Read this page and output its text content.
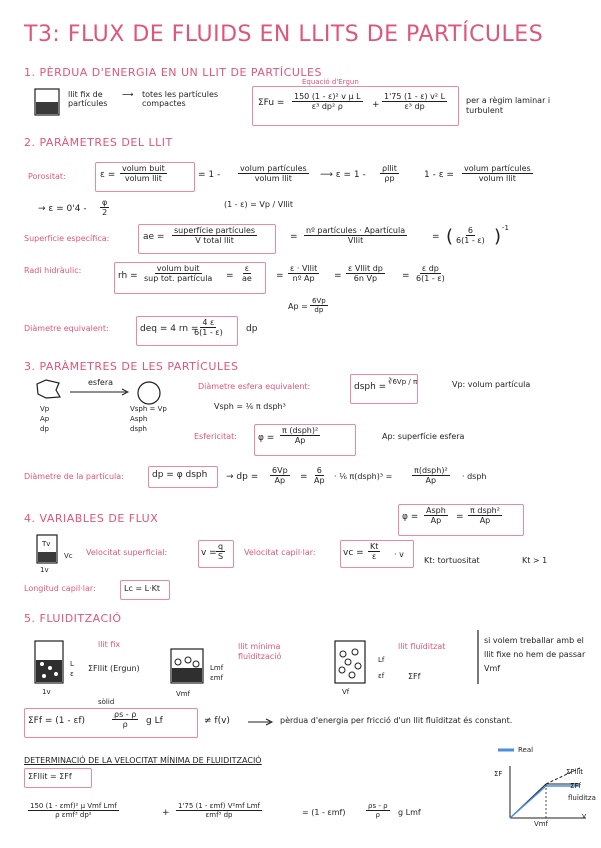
T3: FLUX DE FLUIDS EN LLITS DE PARTÍCULES
1. PÈRDUA D'ENERGIA EN UN LLIT DE PARTÍCULES
Equació d'Ergun
llit fix de partícules
⟶ totes les partícules compactes	$\Sigma Fu = \frac{\text{150 (1 - ε)² v μ L}}{\text{ε³ dp² ρ}} + \frac{\text{1'75 (1 - ε) v² L}}{\text{ε³ dp}}$ per a règim laminar i turbulent
2. PARÀMETRES DEL LLIT
Porositat:	ε =
volum buit
volum llit	= 1 -
volum partícules
volum llit	⟶ ε = 1 -
ρllit
ρp	1 - ε =
volum partícules
volum llit
→ $\varepsilon = 0'4 - \frac{\varphi}{2}$	(1 - ε) = Vp / Vllit
Superfície específica:	ae =
superfície partícules
V total llit	=
nº partícules · Apartícula
Vllit	= ( $\frac{6}{6(1 - \varepsilon)}$ ) -1
Radi hidràulic:
rh =
volum buit
sup tot. partícula = $\frac{\varepsilon}{ae}$ =
ε · Vllit
nº Ap =
ε Vllit dp
6n Vp	= $\frac{\text{ε dp}}{6(1 - \varepsilon)}$
$Ap = \frac{6Vp}{dp}$
Diàmetre equivalent:	deq = 4 rn =
$\frac{4 \varepsilon}{6(1 - \varepsilon)}$ dp
3. PARÀMETRES DE LES PARTÍCULES
esfera
Vp
Ap
dp
Vsph = Vp
Asph
dsph
Diàmetre esfera equivalent:	dsph = ∛6Vp / π	Vp: volum partícula
Vsph = ⅙ π dsph³
Esfericitat: φ =
π (dsph)²
Ap	Ap: superfície esfera
Diàmetre de la partícula:	dp = φ dsph → dp = $\frac{6Vp}{Ap} = \frac{6}{Ap}$ · ⅙ π(dsph)³ =
π(dsph)²
Ap	· dsph
φ =
Asph
Ap =
π dsph²
Ap
4. VARIABLES DE FLUX
Tv
Vc
1v
Velocitat superficial:	$v = \frac{q}{S}$ Velocitat capil·lar:	vc = $\frac{Kt}{\varepsilon} \cdot v$
Kt: tortuositat	Kt > 1
Longitud capil·lar:	Lc = L·Kt
5. FLUIDITZACIÓ
llit fix
L
ε
1v
ΣFllit (Ergun)
llit mínima fluïdització
Lmf
εmf
Vmf
llit fluïditzat
Lf
εf
Vf
ΣFf
si volem treballar amb el llit fixe no hem de passar Vmf
sòlid
ΣFf = (1 - εf)	$\frac{\rho s - \rho}{\rho}$ g Lf	≠ f(v)	pèrdua d'energia per fricció d'un llit fluïditzat és constant.
DETERMINACIÓ DE LA VELOCITAT MÍNIMA DE FLUIDITZACIÓ
ΣFllit = ΣFf
150 (1 - εmf)² μ Vmf Lmf
ρ εmf³ dp²	+
1'75 (1 - εmf) V²mf Lmf
εmf³ dp	= (1 - εmf)	$\frac{\rho s - \rho}{\rho}$ g Lmf
Real
ΣF	ΣFllit
ΣFf
fluïditza
Vmf
v
